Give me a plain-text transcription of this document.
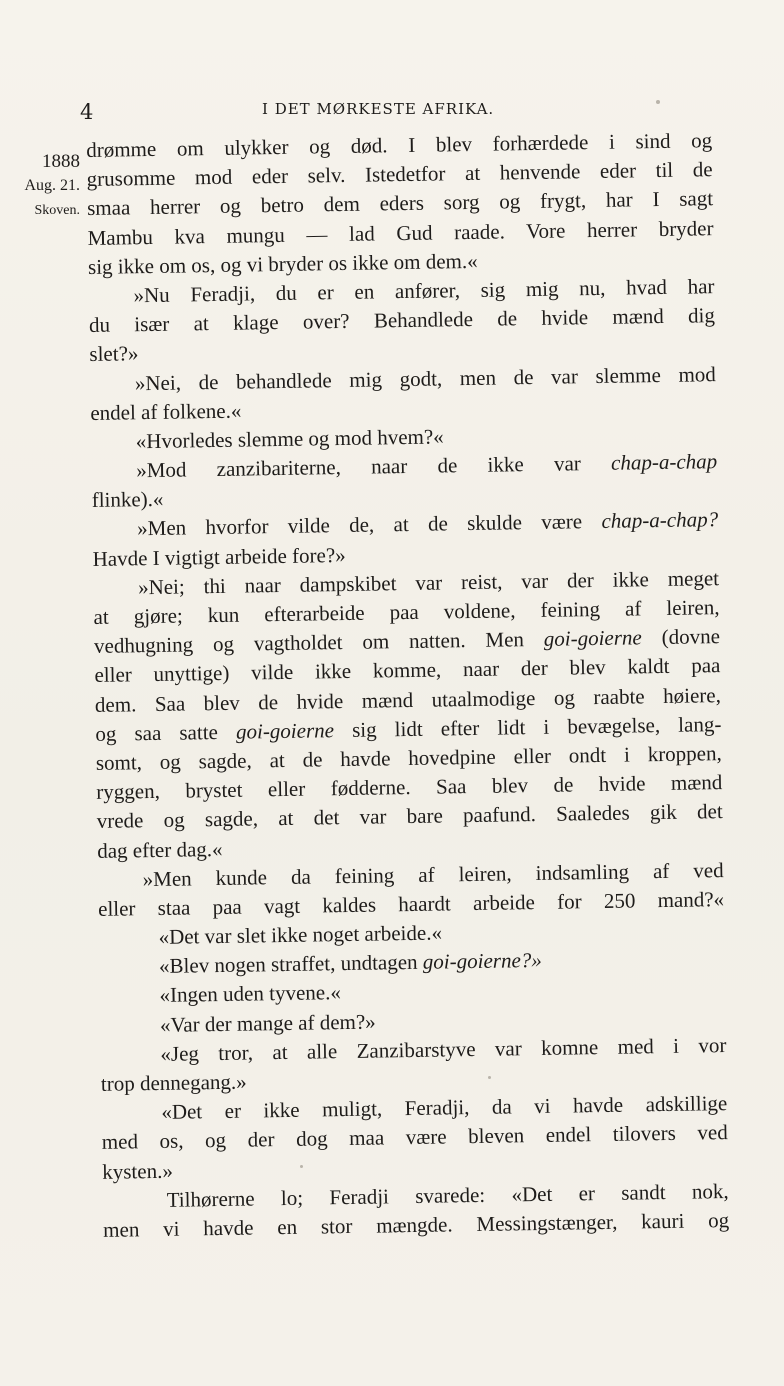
4	I DET MØRKESTE AFRIKA.
1888
Aug. 21.
Skoven.
drømme om ulykker og død. I blev forhærdede i sind og
grusomme mod eder selv. Istedetfor at henvende eder til de
smaa herrer og betro dem eders sorg og frygt, har I sagt
Mambu kva mungu — lad Gud raade. Vore herrer bryder
sig ikke om os, og vi bryder os ikke om dem.«
»Nu Feradji, du er en anfører, sig mig nu, hvad har
du især at klage over? Behandlede de hvide mænd dig
slet?»
»Nei, de behandlede mig godt, men de var slemme mod
endel af folkene.«
«Hvorledes slemme og mod hvem?«
»Mod zanzibariterne, naar de ikke var chap-a-chap
flinke).«
»Men hvorfor vilde de, at de skulde være chap-a-chap?
Havde I vigtigt arbeide fore?»
»Nei; thi naar dampskibet var reist, var der ikke meget
at gjøre; kun efterarbeide paa voldene, feining af leiren,
vedhugning og vagtholdet om natten. Men goi-goierne (dovne
eller unyttige) vilde ikke komme, naar der blev kaldt paa
dem. Saa blev de hvide mænd utaalmodige og raabte høiere,
og saa satte goi-goierne sig lidt efter lidt i bevægelse, lang-
somt, og sagde, at de havde hovedpine eller ondt i kroppen,
ryggen, brystet eller fødderne. Saa blev de hvide mænd
vrede og sagde, at det var bare paafund. Saaledes gik det
dag efter dag.«
»Men kunde da feining af leiren, indsamling af ved
eller staa paa vagt kaldes haardt arbeide for 250 mand?«
«Det var slet ikke noget arbeide.«
«Blev nogen straffet, undtagen goi-goierne?»
«Ingen uden tyvene.«
«Var der mange af dem?»
«Jeg tror, at alle Zanzibarstyve var komne med i vor
trop dennegang.»
«Det er ikke muligt, Feradji, da vi havde adskillige
med os, og der dog maa være bleven endel tilovers ved
kysten.»
Tilhørerne lo; Feradji svarede: «Det er sandt nok,
men vi havde en stor mængde. Messingstænger, kauri og
